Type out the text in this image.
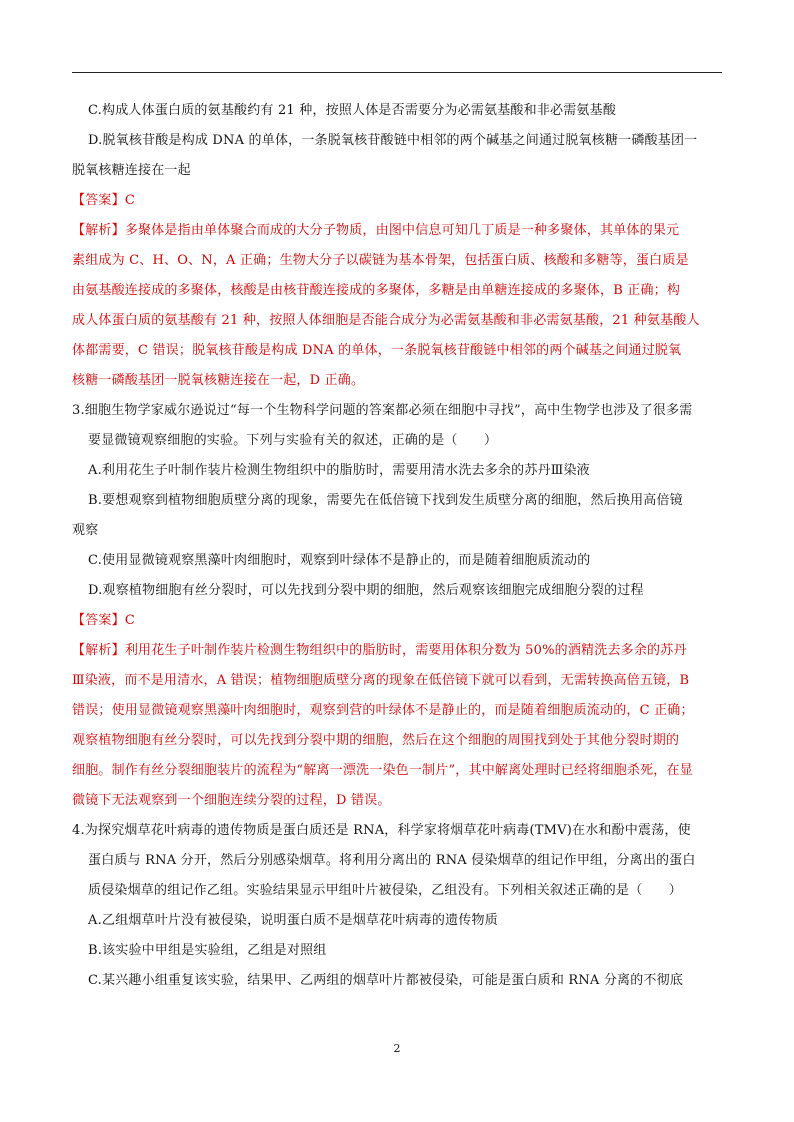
C.构成人体蛋白质的氨基酸约有 21 种，按照人体是否需要分为必需氨基酸和非必需氨基酸

D.脱氧核苷酸是构成 DNA 的单体，一条脱氧核苷酸链中相邻的两个碱基之间通过脱氧核糖一磷酸基团一

脱氧核糖连接在一起

【答案】C

【解析】多聚体是指由单体聚合而成的大分子物质，由图中信息可知几丁质是一种多聚体，其单体的果元

素组成为 C、H、O、N，A 正确；生物大分子以碳链为基本骨架，包括蛋白质、核酸和多糖等，蛋白质是

由氨基酸连接成的多聚体，核酸是由核苷酸连接成的多聚体，多糖是由单糖连接成的多聚体，B 正确；构

成人体蛋白质的氨基酸有 21 种，按照人体细胞是否能合成分为必需氨基酸和非必需氨基酸，21 种氨基酸人

体都需要，C 错误；脱氧核苷酸是构成 DNA 的单体，一条脱氧核苷酸链中相邻的两个碱基之间通过脱氧

核糖一磷酸基团一脱氧核糖连接在一起，D 正确。

3.细胞生物学家威尔逊说过“每一个生物科学问题的答案都必须在细胞中寻找”，高中生物学也涉及了很多需

要显微镜观察细胞的实验。下列与实验有关的叙述，正确的是（　　）

A.利用花生子叶制作装片检测生物组织中的脂肪时，需要用清水洗去多余的苏丹Ⅲ染液

B.要想观察到植物细胞质壁分离的现象，需要先在低倍镜下找到发生质壁分离的细胞，然后换用高倍镜

观察

C.使用显微镜观察黑藻叶肉细胞时，观察到叶绿体不是静止的，而是随着细胞质流动的

D.观察植物细胞有丝分裂时，可以先找到分裂中期的细胞，然后观察该细胞完成细胞分裂的过程

【答案】C

【解析】利用花生子叶制作装片检测生物组织中的脂肪时，需要用体积分数为 50%的酒精洗去多余的苏丹

Ⅲ染液，而不是用清水，A 错误；植物细胞质壁分离的现象在低倍镜下就可以看到，无需转换高倍五镜，B

错误；使用显微镜观察黑藻叶肉细胞时，观察到营的叶绿体不是静止的，而是随着细胞质流动的，C 正确；

观察植物细胞有丝分裂时，可以先找到分裂中期的细胞，然后在这个细胞的周围找到处于其他分裂时期的

细胞。制作有丝分裂细胞装片的流程为“解离一漂洗一染色一制片”，其中解离处理时已经将细胞杀死，在显

微镜下无法观察到一个细胞连续分裂的过程，D 错误。

4.为探究烟草花叶病毒的遗传物质是蛋白质还是 RNA，科学家将烟草花叶病毒(TMV)在水和酚中震荡，使

蛋白质与 RNA 分开，然后分别感染烟草。将利用分离出的 RNA 侵染烟草的组记作甲组，分离出的蛋白

质侵染烟草的组记作乙组。实验结果显示甲组叶片被侵染，乙组没有。下列相关叙述正确的是（　　）

A.乙组烟草叶片没有被侵染，说明蛋白质不是烟草花叶病毒的遗传物质

B.该实验中甲组是实验组，乙组是对照组

C.某兴趣小组重复该实验，结果甲、乙两组的烟草叶片都被侵染，可能是蛋白质和 RNA 分离的不彻底

2
